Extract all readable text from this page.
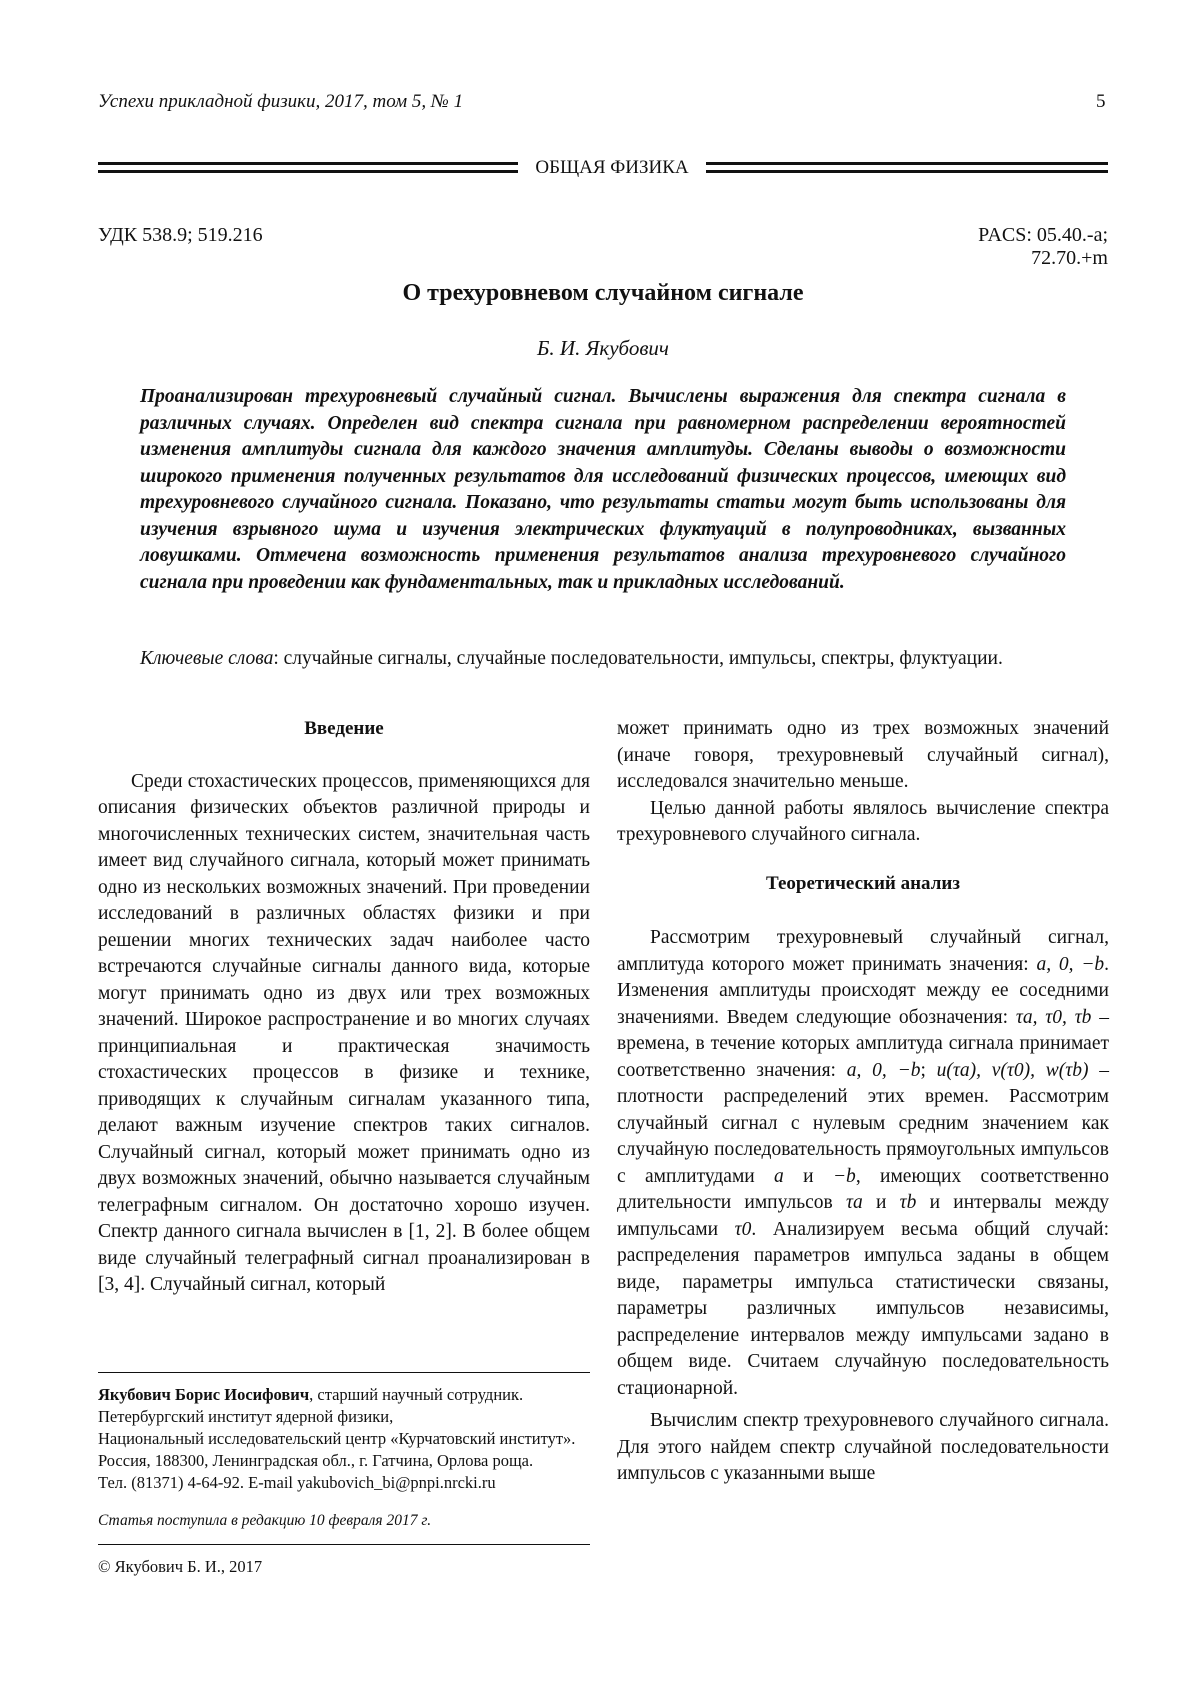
Успехи прикладной физики, 2017, том 5, № 1	5
ОБЩАЯ ФИЗИКА
УДК 538.9; 519.216	PACS: 05.40.-a; 72.70.+m
О трехуровневом случайном сигнале
Б. И. Якубович
Проанализирован трехуровневый случайный сигнал. Вычислены выражения для спектра сигнала в различных случаях. Определен вид спектра сигнала при равномерном распределении вероятностей изменения амплитуды сигнала для каждого значения амплитуды. Сделаны выводы о возможности широкого применения полученных результатов для исследований физических процессов, имеющих вид трехуровневого случайного сигнала. Показано, что результаты статьи могут быть использованы для изучения взрывного шума и изучения электрических флуктуаций в полупроводниках, вызванных ловушками. Отмечена возможность применения результатов анализа трехуровневого случайного сигнала при проведении как фундаментальных, так и прикладных исследований.
Ключевые слова: случайные сигналы, случайные последовательности, импульсы, спектры, флуктуации.
Введение

Среди стохастических процессов, применяющихся для описания физических объектов различной природы и многочисленных технических систем, значительная часть имеет вид случайного сигнала, который может принимать одно из нескольких возможных значений. При проведении исследований в различных областях физики и при решении многих технических задач наиболее часто встречаются случайные сигналы данного вида, которые могут принимать одно из двух или трех возможных значений. Широкое распространение и во многих случаях принципиальная и практическая значимость стохастических процессов в физике и технике, приводящих к случайным сигналам указанного типа, делают важным изучение спектров таких сигналов. Случайный сигнал, который может принимать одно из двух возможных значений, обычно называется случайным телеграфным сигналом. Он достаточно хорошо изучен. Спектр данного сигнала вычислен в [1, 2]. В более общем виде случайный телеграфный сигнал проанализирован в [3, 4]. Случайный сигнал, который

может принимать одно из трех возможных значений (иначе говоря, трехуровневый случайный сигнал), исследовался значительно меньше.

Целью данной работы являлось вычисление спектра трехуровневого случайного сигнала.

Теоретический анализ

Рассмотрим трехуровневый случайный сигнал, амплитуда которого может принимать значения: a, 0, −b. Изменения амплитуды происходят между ее соседними значениями. Введем следующие обозначения: τa, τ0, τb – времена, в течение которых амплитуда сигнала принимает соответственно значения: a, 0, −b; u(τa), v(τ0), w(τb) – плотности распределений этих времен. Рассмотрим случайный сигнал с нулевым средним значением как случайную последовательность прямоугольных импульсов с амплитудами a и −b, имеющих соответственно длительности импульсов τa и τb и интервалы между импульсами τ0. Анализируем весьма общий случай: распределения параметров импульса заданы в общем виде, параметры импульса статистически связаны, параметры различных импульсов независимы, распределение интервалов между импульсами задано в общем виде. Считаем случайную последовательность стационарной.

Вычислим спектр трехуровневого случайного сигнала. Для этого найдем спектр случайной последовательности импульсов с указанными выше

Якубович Борис Иосифович, старший научный сотрудник.
Петербургский институт ядерной физики,
Национальный исследовательский центр «Курчатовский институт».
Россия, 188300, Ленинградская обл., г. Гатчина, Орлова роща.
Тел. (81371) 4-64-92. E-mail yakubovich_bi@pnpi.nrcki.ru
Статья поступила в редакцию 10 февраля 2017 г.
© Якубович Б. И., 2017
